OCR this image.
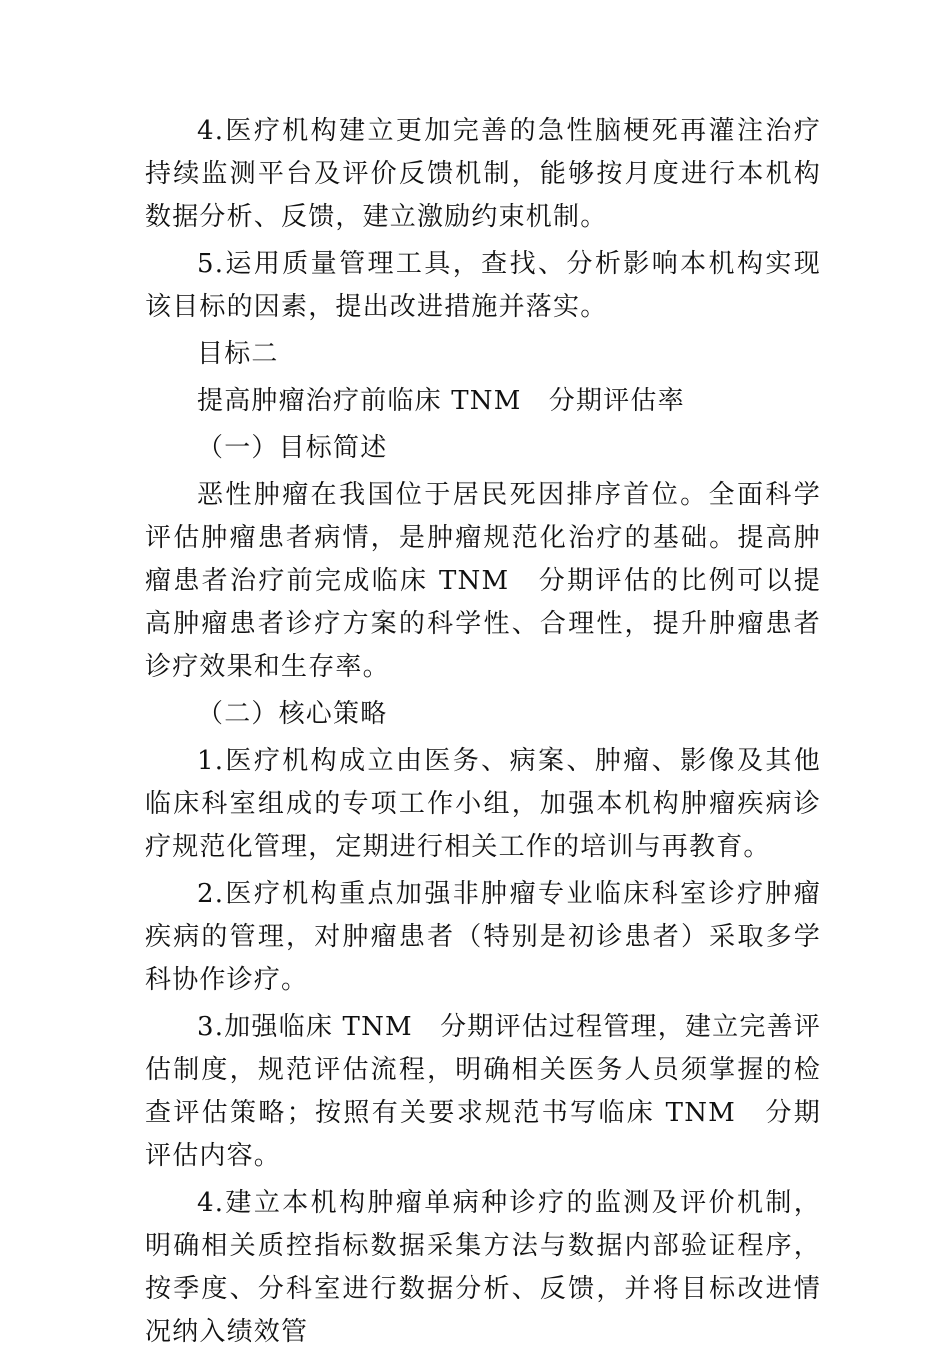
4.医疗机构建立更加完善的急性脑梗死再灌注治疗持续监测平台及评价反馈机制，能够按月度进行本机构数据分析、反馈，建立激励约束机制。

5.运用质量管理工具，查找、分析影响本机构实现该目标的因素，提出改进措施并落实。

目标二

提高肿瘤治疗前临床 TNM　分期评估率

（一）目标简述

恶性肿瘤在我国位于居民死因排序首位。全面科学评估肿瘤患者病情，是肿瘤规范化治疗的基础。提高肿瘤患者治疗前完成临床 TNM　分期评估的比例可以提高肿瘤患者诊疗方案的科学性、合理性，提升肿瘤患者诊疗效果和生存率。

（二）核心策略

1.医疗机构成立由医务、病案、肿瘤、影像及其他临床科室组成的专项工作小组，加强本机构肿瘤疾病诊疗规范化管理，定期进行相关工作的培训与再教育。

2.医疗机构重点加强非肿瘤专业临床科室诊疗肿瘤疾病的管理，对肿瘤患者（特别是初诊患者）采取多学科协作诊疗。

3.加强临床 TNM　分期评估过程管理，建立完善评估制度，规范评估流程，明确相关医务人员须掌握的检查评估策略；按照有关要求规范书写临床 TNM　分期评估内容。

4.建立本机构肿瘤单病种诊疗的监测及评价机制，明确相关质控指标数据采集方法与数据内部验证程序，按季度、分科室进行数据分析、反馈，并将目标改进情况纳入绩效管
